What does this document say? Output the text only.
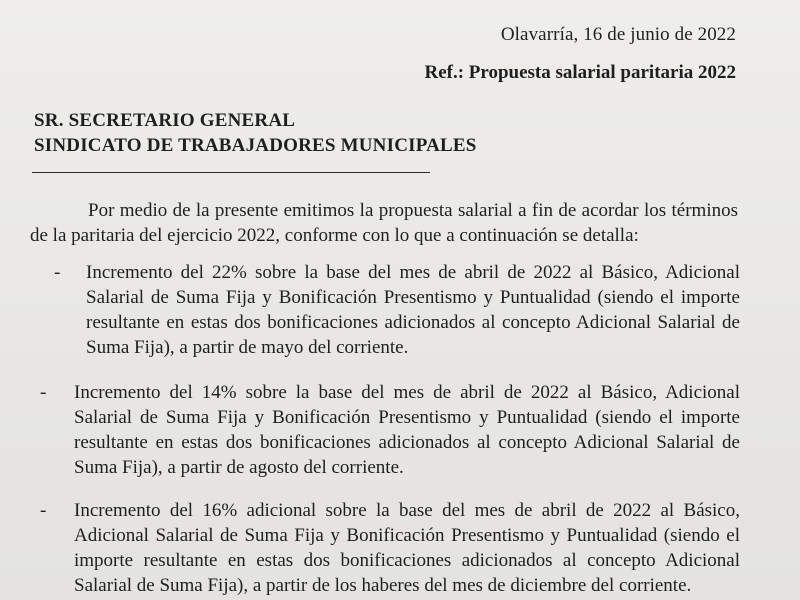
Olavarría, 16 de junio de 2022
Ref.: Propuesta salarial paritaria 2022
SR. SECRETARIO GENERAL
SINDICATO DE TRABAJADORES MUNICIPALES
Por medio de la presente emitimos la propuesta salarial a fin de acordar los términos de la paritaria del ejercicio 2022, conforme con lo que a continuación se detalla:
- Incremento del 22% sobre la base del mes de abril de 2022 al Básico, Adicional Salarial de Suma Fija y Bonificación Presentismo y Puntualidad (siendo el importe resultante en estas dos bonificaciones adicionados al concepto Adicional Salarial de Suma Fija), a partir de mayo del corriente.
- Incremento del 14% sobre la base del mes de abril de 2022 al Básico, Adicional Salarial de Suma Fija y Bonificación Presentismo y Puntualidad (siendo el importe resultante en estas dos bonificaciones adicionados al concepto Adicional Salarial de Suma Fija), a partir de agosto del corriente.
- Incremento del 16% adicional sobre la base del mes de abril de 2022 al Básico, Adicional Salarial de Suma Fija y Bonificación Presentismo y Puntualidad (siendo el importe resultante en estas dos bonificaciones adicionados al concepto Adicional Salarial de Suma Fija), a partir de los haberes del mes de diciembre del corriente.
